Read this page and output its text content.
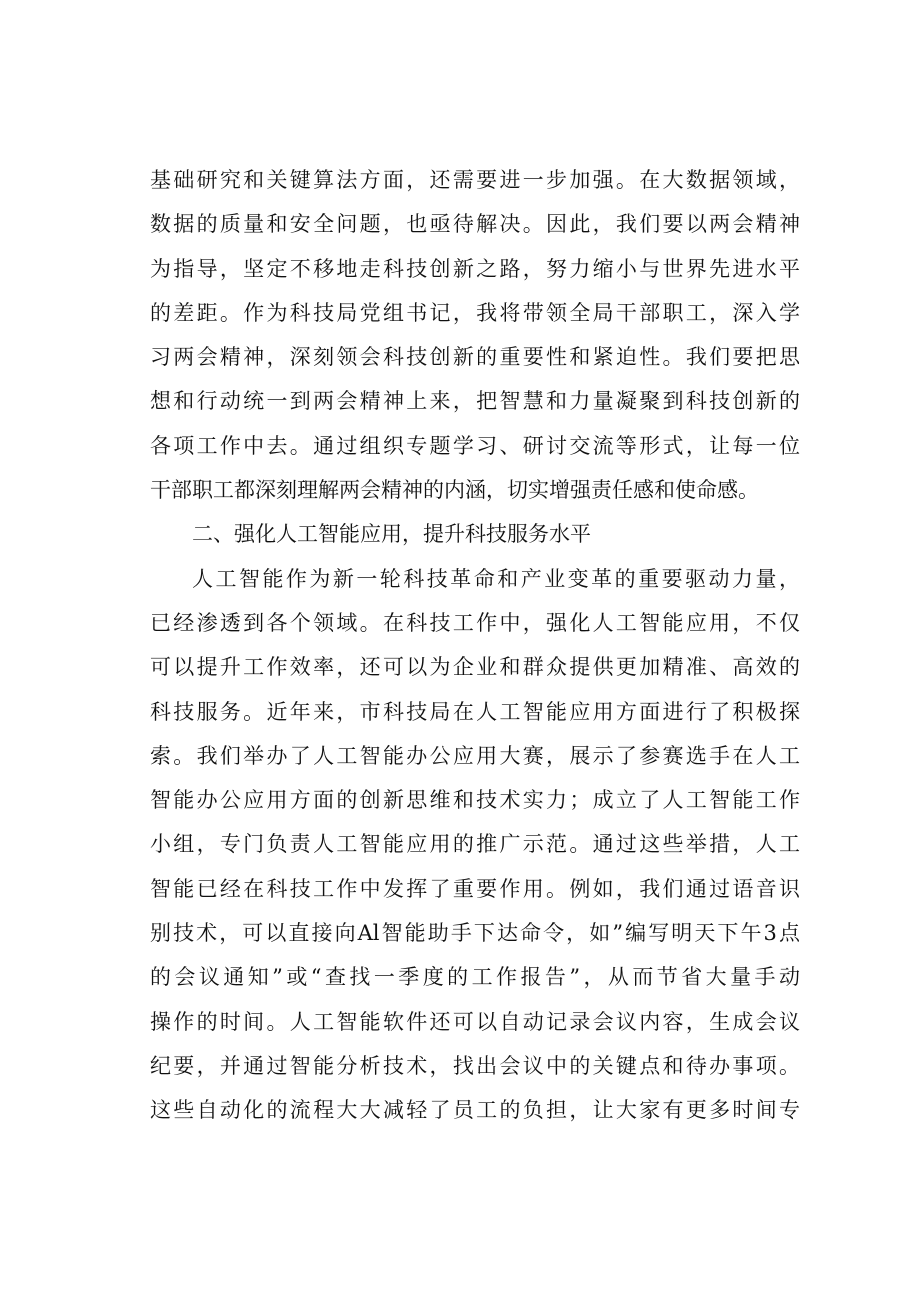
基础研究和关键算法方面，还需要进一步加强。在大数据领域，
数据的质量和安全问题，也亟待解决。因此，我们要以两会精神
为指导，坚定不移地走科技创新之路，努力缩小与世界先进水平
的差距。作为科技局党组书记，我将带领全局干部职工，深入学
习两会精神，深刻领会科技创新的重要性和紧迫性。我们要把思
想和行动统一到两会精神上来，把智慧和力量凝聚到科技创新的
各项工作中去。通过组织专题学习、研讨交流等形式，让每一位
干部职工都深刻理解两会精神的内涵，切实增强责任感和使命感。
二、强化人工智能应用，提升科技服务水平
人工智能作为新一轮科技革命和产业变革的重要驱动力量，
已经渗透到各个领域。在科技工作中，强化人工智能应用，不仅
可以提升工作效率，还可以为企业和群众提供更加精准、高效的
科技服务。近年来，市科技局在人工智能应用方面进行了积极探
索。我们举办了人工智能办公应用大赛，展示了参赛选手在人工
智能办公应用方面的创新思维和技术实力；成立了人工智能工作
小组，专门负责人工智能应用的推广示范。通过这些举措，人工
智能已经在科技工作中发挥了重要作用。例如，我们通过语音识
别技术，可以直接向Al智能助手下达命令，如”编写明天下午3点
的会议通知”或“查找一季度的工作报告”，从而节省大量手动
操作的时间。人工智能软件还可以自动记录会议内容，生成会议
纪要，并通过智能分析技术，找出会议中的关键点和待办事项。
这些自动化的流程大大减轻了员工的负担，让大家有更多时间专
